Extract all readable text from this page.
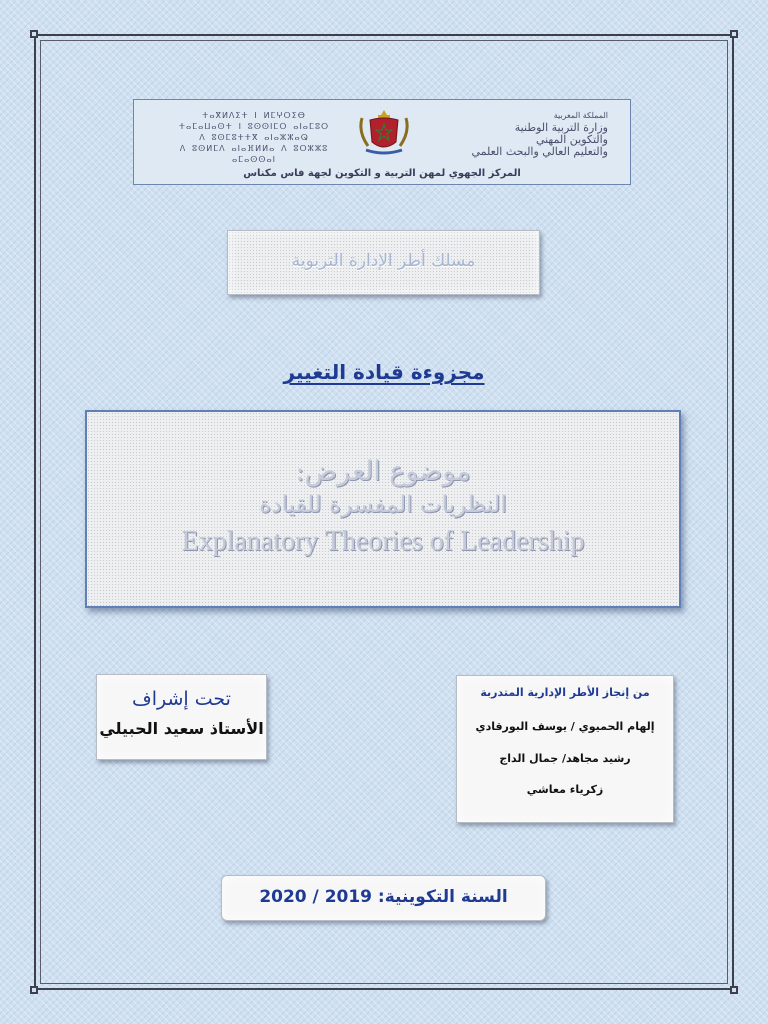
ⵜⴰⴳⵍⴷⵉⵜ ⵏ ⵍⵎⵖⵔⵉⴱ
ⵜⴰⵎⴰⵡⴰⵙⵜ ⵏ ⵓⵙⵙⵏⵎⵔ ⴰⵏⴰⵎⵓⵔ
ⴷ ⵓⵙⵎⵓⵜⵜⴳ ⴰⵏⴰⵣⵣⴰⵕ
ⴷ ⵓⵙⵍⵎⴷ ⴰⵏⴰⴼⵍⵍⴰ ⴷ ⵓⵔⵣⵣⵓ ⴰⵎⴰⵙⵙⴰⵏ
المملكة المغربية
وزارة التربية الوطنية
والتكوين المهني
والتعليم العالي والبحث العلمي
المركز الجهوي لمهن التربية و التكوين لجهة فاس مكناس
مسلك أطر الإدارة التربوية
مجزوءة قيادة التغيير
موضوع العرض:
النظريات المفسرة للقيادة
Explanatory Theories of Leadership
تحت إشراف
الأستاذ سعيد الحبيلي
من إنجاز الأطر الإدارية المتدربة
إلهام الحميوي / يوسف البورقادي
رشيد مجاهد/ جمال الداج
زكرياء معاشي
السنة التكوينية: 2019 / 2020
